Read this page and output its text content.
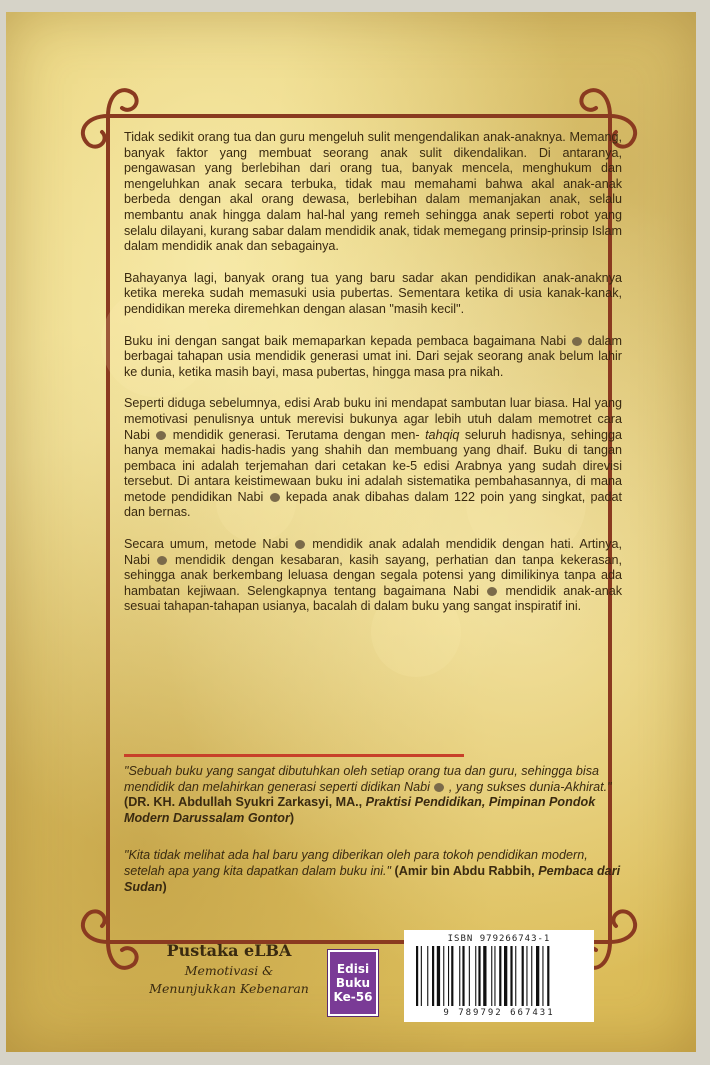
Tidak sedikit orang tua dan guru mengeluh sulit mengendalikan anak-anaknya. Memang, banyak faktor yang membuat seorang anak sulit dikendalikan. Di antaranya, pengawasan yang berlebihan dari orang tua, banyak mencela, menghukum dan mengeluhkan anak secara terbuka, tidak mau memahami bahwa akal anak-anak berbeda dengan akal orang dewasa, berlebihan dalam memanjakan anak, selalu membantu anak hingga dalam hal-hal yang remeh sehingga anak seperti robot yang selalu dilayani, kurang sabar dalam mendidik anak, tidak memegang prinsip-prinsip Islam dalam mendidik anak dan sebagainya.

Bahayanya lagi, banyak orang tua yang baru sadar akan pendidikan anak-anaknya ketika mereka sudah memasuki usia pubertas. Sementara ketika di usia kanak-kanak, pendidikan mereka diremehkan dengan alasan "masih kecil".

Buku ini dengan sangat baik memaparkan kepada pembaca bagaimana Nabi dalam berbagai tahapan usia mendidik generasi umat ini. Dari sejak seorang anak belum lahir ke dunia, ketika masih bayi, masa pubertas, hingga masa pra nikah.

Seperti diduga sebelumnya, edisi Arab buku ini mendapat sambutan luar biasa. Hal yang memotivasi penulisnya untuk merevisi bukunya agar lebih utuh dalam memotret cara Nabi mendidik generasi. Terutama dengan men- tahqiq seluruh hadisnya, sehingga hanya memakai hadis-hadis yang shahih dan membuang yang dhaif. Buku di tangan pembaca ini adalah terjemahan dari cetakan ke-5 edisi Arabnya yang sudah direvisi tersebut. Di antara keistimewaan buku ini adalah sistematika pembahasannya, di mana metode pendidikan Nabi kepada anak dibahas dalam 122 poin yang singkat, padat dan bernas.

Secara umum, metode Nabi mendidik anak adalah mendidik dengan hati. Artinya, Nabi mendidik dengan kesabaran, kasih sayang, perhatian dan tanpa kekerasan, sehingga anak berkembang leluasa dengan segala potensi yang dimilikinya tanpa ada hambatan kejiwaan. Selengkapnya tentang bagaimana Nabi mendidik anak-anak sesuai tahapan-tahapan usianya, bacalah di dalam buku yang sangat inspiratif ini.

"Sebuah buku yang sangat dibutuhkan oleh setiap orang tua dan guru, sehingga bisa mendidik dan melahirkan generasi seperti didikan Nabi , yang sukses dunia-Akhirat."
(DR. KH. Abdullah Syukri Zarkasyi, MA., Praktisi Pendidikan, Pimpinan Pondok Modern Darussalam Gontor)

"Kita tidak melihat ada hal baru yang diberikan oleh para tokoh pendidikan modern, setelah apa yang kita dapatkan dalam buku ini." (Amir bin Abdu Rabbih, Pembaca dari Sudan)

Pustaka eLBA
Memotivasi &
Menunjukkan Kebenaran
Edisi
Buku
Ke-56
ISBN 979266743-1
9 789792 667431
